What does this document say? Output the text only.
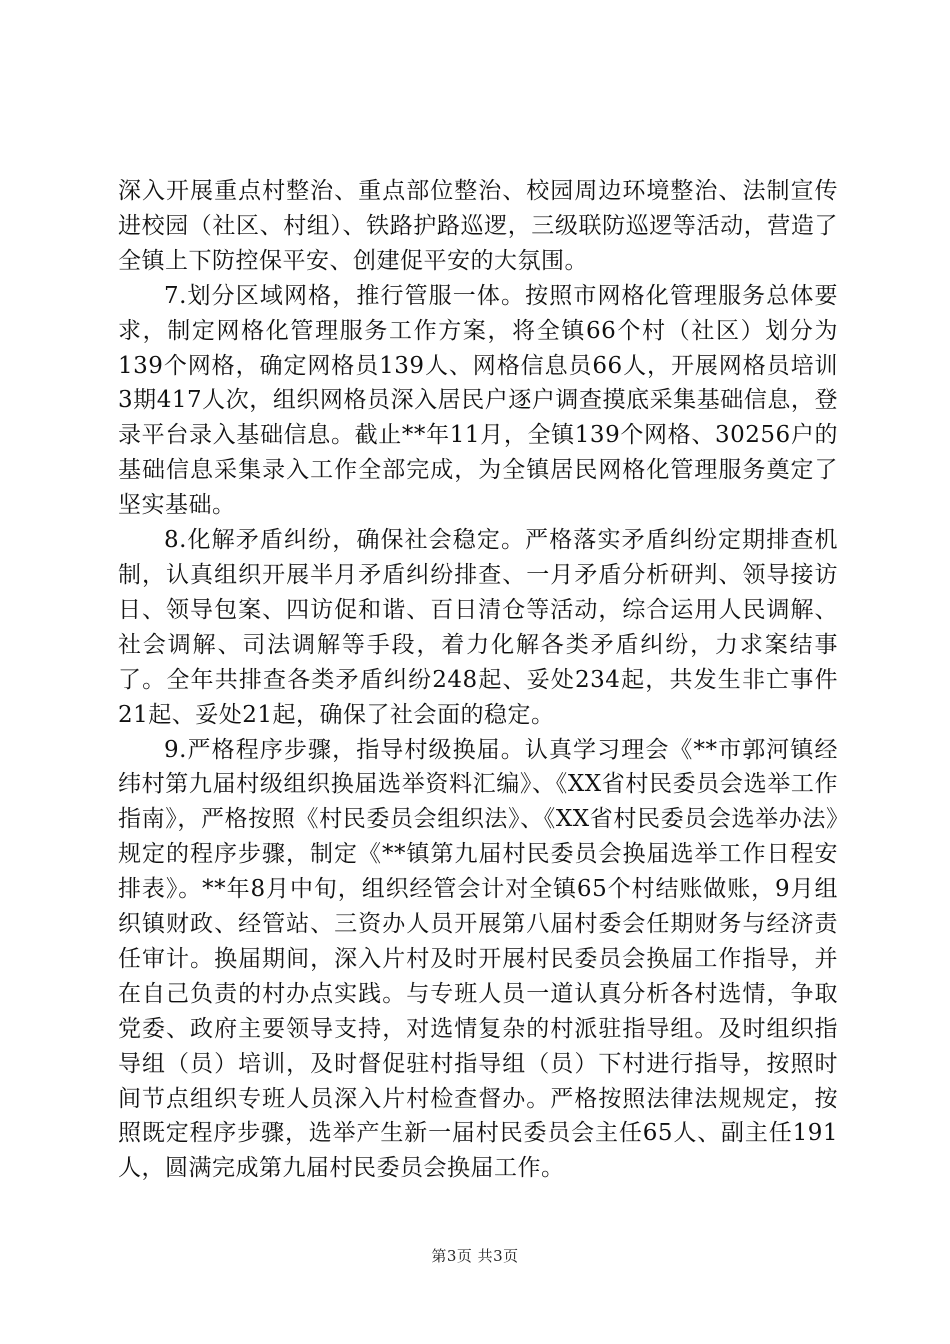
深入开展重点村整治、重点部位整治、校园周边环境整治、法制宣传进校园（社区、村组）、铁路护路巡逻，三级联防巡逻等活动，营造了全镇上下防控保平安、创建促平安的大氛围。

7.划分区域网格，推行管服一体。按照市网格化管理服务总体要求，制定网格化管理服务工作方案，将全镇66个村（社区）划分为139个网格，确定网格员139人、网格信息员66人，开展网格员培训3期417人次，组织网格员深入居民户逐户调查摸底采集基础信息，登录平台录入基础信息。截止**年11月，全镇139个网格、30256户的基础信息采集录入工作全部完成，为全镇居民网格化管理服务奠定了坚实基础。

8.化解矛盾纠纷，确保社会稳定。严格落实矛盾纠纷定期排查机制，认真组织开展半月矛盾纠纷排查、一月矛盾分析研判、领导接访日、领导包案、四访促和谐、百日清仓等活动，综合运用人民调解、社会调解、司法调解等手段，着力化解各类矛盾纠纷，力求案结事了。全年共排查各类矛盾纠纷248起、妥处234起，共发生非亡事件21起、妥处21起，确保了社会面的稳定。

9.严格程序步骤，指导村级换届。认真学习理会《**市郭河镇经纬村第九届村级组织换届选举资料汇编》、《XX省村民委员会选举工作指南》，严格按照《村民委员会组织法》、《XX省村民委员会选举办法》规定的程序步骤，制定《**镇第九届村民委员会换届选举工作日程安排表》。**年8月中旬，组织经管会计对全镇65个村结账做账，9月组织镇财政、经管站、三资办人员开展第八届村委会任期财务与经济责任审计。换届期间，深入片村及时开展村民委员会换届工作指导，并在自己负责的村办点实践。与专班人员一道认真分析各村选情，争取党委、政府主要领导支持，对选情复杂的村派驻指导组。及时组织指导组（员）培训，及时督促驻村指导组（员）下村进行指导，按照时间节点组织专班人员深入片村检查督办。严格按照法律法规规定，按照既定程序步骤，选举产生新一届村民委员会主任65人、副主任191人，圆满完成第九届村民委员会换届工作。

第3页 共3页
